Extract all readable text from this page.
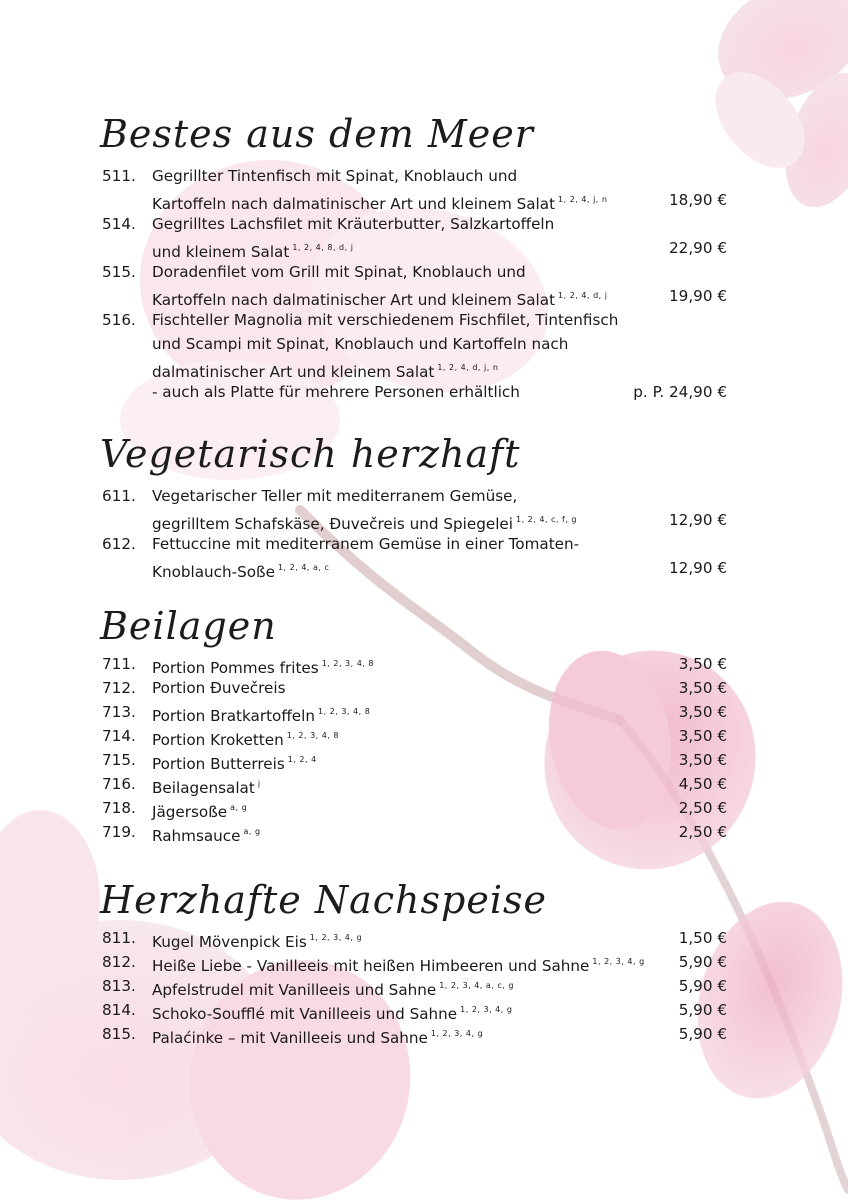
Bestes aus dem Meer
511. Gegrillter Tintenfisch mit Spinat, Knoblauch und
Kartoffeln nach dalmatinischer Art und kleinem Salat $^{1, 2, 4, j, n}$	18,90 €
514. Gegrilltes Lachsfilet mit Kräuterbutter, Salzkartoffeln
und kleinem Salat $^{1, 2, 4, 8, d, j}$	22,90 €
515. Doradenfilet vom Grill mit Spinat, Knoblauch und
Kartoffeln nach dalmatinischer Art und kleinem Salat $^{1, 2, 4, d, j}$	19,90 €
516. Fischteller Magnolia mit verschiedenem Fischfilet, Tintenfisch
und Scampi mit Spinat, Knoblauch und Kartoffeln nach
dalmatinischer Art und kleinem Salat $^{1, 2, 4, d, j, n}$
- auch als Platte für mehrere Personen erhältlich	p. P. 24,90 €
Vegetarisch herzhaft
611. Vegetarischer Teller mit mediterranem Gemüse,
gegrilltem Schafskäse, Đuvečreis und Spiegelei $^{1, 2, 4, c, f, g}$	12,90 €
612. Fettuccine mit mediterranem Gemüse in einer Tomaten-
Knoblauch-Soße $^{1, 2, 4, a, c}$	12,90 €
Beilagen
711. Portion Pommes frites $^{1, 2, 3, 4, 8}$	3,50 €
712. Portion Đuvečreis	3,50 €
713. Portion Bratkartoffeln $^{1, 2, 3, 4, 8}$	3,50 €
714. Portion Kroketten $^{1, 2, 3, 4, 8}$	3,50 €
715. Portion Butterreis $^{1, 2, 4}$	3,50 €
716. Beilagensalat $^j$	4,50 €
718. Jägersoße $^{a, g}$	2,50 €
719. Rahmsauce $^{a, g}$	2,50 €
Herzhafte Nachspeise
811. Kugel Mövenpick Eis $^{1, 2, 3, 4, g}$	1,50 €
812. Heiße Liebe - Vanilleeis mit heißen Himbeeren und Sahne $^{1, 2, 3, 4, g}$ 5,90 €
813. Apfelstrudel mit Vanilleeis und Sahne $^{1, 2, 3, 4, a, c, g}$	5,90 €
814. Schoko-Soufflé mit Vanilleeis und Sahne $^{1, 2, 3, 4, g}$	5,90 €
815. Palaćinke – mit Vanilleeis und Sahne $^{1, 2, 3, 4, g}$	5,90 €
